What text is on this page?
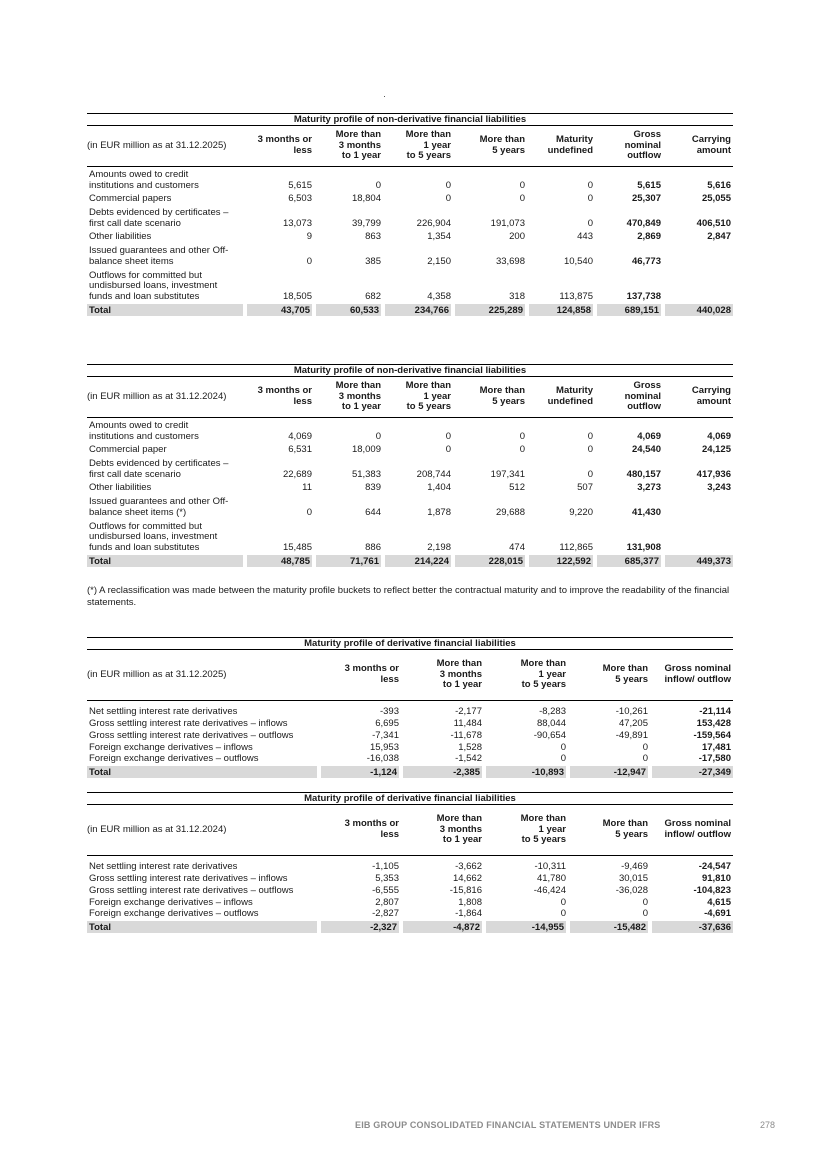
Maturity profile of non-derivative financial liabilities
(in EUR million as at 31.12.2025)	3 months or
less	More than
3 months
to 1 year	More than
1 year
to 5 years	More than
5 years	Maturity
undefined	Gross
nominal
outflow	Carrying
amount
Amounts owed to credit
institutions and customers	5,615	0	0	0	0	5,615	5,616
Commercial papers	6,503	18,804	0	0	0	25,307	25,055
Debts evidenced by certificates –
first call date scenario	13,073	39,799	226,904	191,073	0	470,849	406,510
Other liabilities	9	863	1,354	200	443	2,869	2,847
Issued guarantees and other Off-
balance sheet items	0	385	2,150	33,698	10,540	46,773	
Outflows for committed but
undisbursed loans, investment
funds and loan substitutes	18,505	682	4,358	318	113,875	137,738	
Total	43,705	60,533	234,766	225,289	124,858	689,151	440,028
Maturity profile of non-derivative financial liabilities
(in EUR million as at 31.12.2024)	3 months or
less	More than
3 months
to 1 year	More than
1 year
to 5 years	More than
5 years	Maturity
undefined	Gross
nominal
outflow	Carrying
amount
Amounts owed to credit
institutions and customers	4,069	0	0	0	0	4,069	4,069
Commercial paper	6,531	18,009	0	0	0	24,540	24,125
Debts evidenced by certificates –
first call date scenario	22,689	51,383	208,744	197,341	0	480,157	417,936
Other liabilities	11	839	1,404	512	507	3,273	3,243
Issued guarantees and other Off-
balance sheet items (*)	0	644	1,878	29,688	9,220	41,430	
Outflows for committed but
undisbursed loans, investment
funds and loan substitutes	15,485	886	2,198	474	112,865	131,908	
Total	48,785	71,761	214,224	228,015	122,592	685,377	449,373
(*) A reclassification was made between the maturity profile buckets to reflect better the contractual maturity and to improve the readability of the financial statements.
Maturity profile of derivative financial liabilities
(in EUR million as at 31.12.2025)	3 months or
less	More than
3 months
to 1 year	More than
1 year
to 5 years	More than
5 years	Gross nominal
inflow/ outflow
Net settling interest rate derivatives	-393	-2,177	-8,283	-10,261	-21,114
Gross settling interest rate derivatives – inflows	6,695	11,484	88,044	47,205	153,428
Gross settling interest rate derivatives – outflows	-7,341	-11,678	-90,654	-49,891	-159,564
Foreign exchange derivatives – inflows	15,953	1,528	0	0	17,481
Foreign exchange derivatives – outflows	-16,038	-1,542	0	0	-17,580
Total	-1,124	-2,385	-10,893	-12,947	-27,349
Maturity profile of derivative financial liabilities
(in EUR million as at 31.12.2024)	3 months or
less	More than
3 months
to 1 year	More than
1 year
to 5 years	More than
5 years	Gross nominal
inflow/ outflow
Net settling interest rate derivatives	-1,105	-3,662	-10,311	-9,469	-24,547
Gross settling interest rate derivatives – inflows	5,353	14,662	41,780	30,015	91,810
Gross settling interest rate derivatives – outflows	-6,555	-15,816	-46,424	-36,028	-104,823
Foreign exchange derivatives – inflows	2,807	1,808	0	0	4,615
Foreign exchange derivatives – outflows	-2,827	-1,864	0	0	-4,691
Total	-2,327	-4,872	-14,955	-15,482	-37,636
EIB GROUP CONSOLIDATED FINANCIAL STATEMENTS UNDER IFRS	278
